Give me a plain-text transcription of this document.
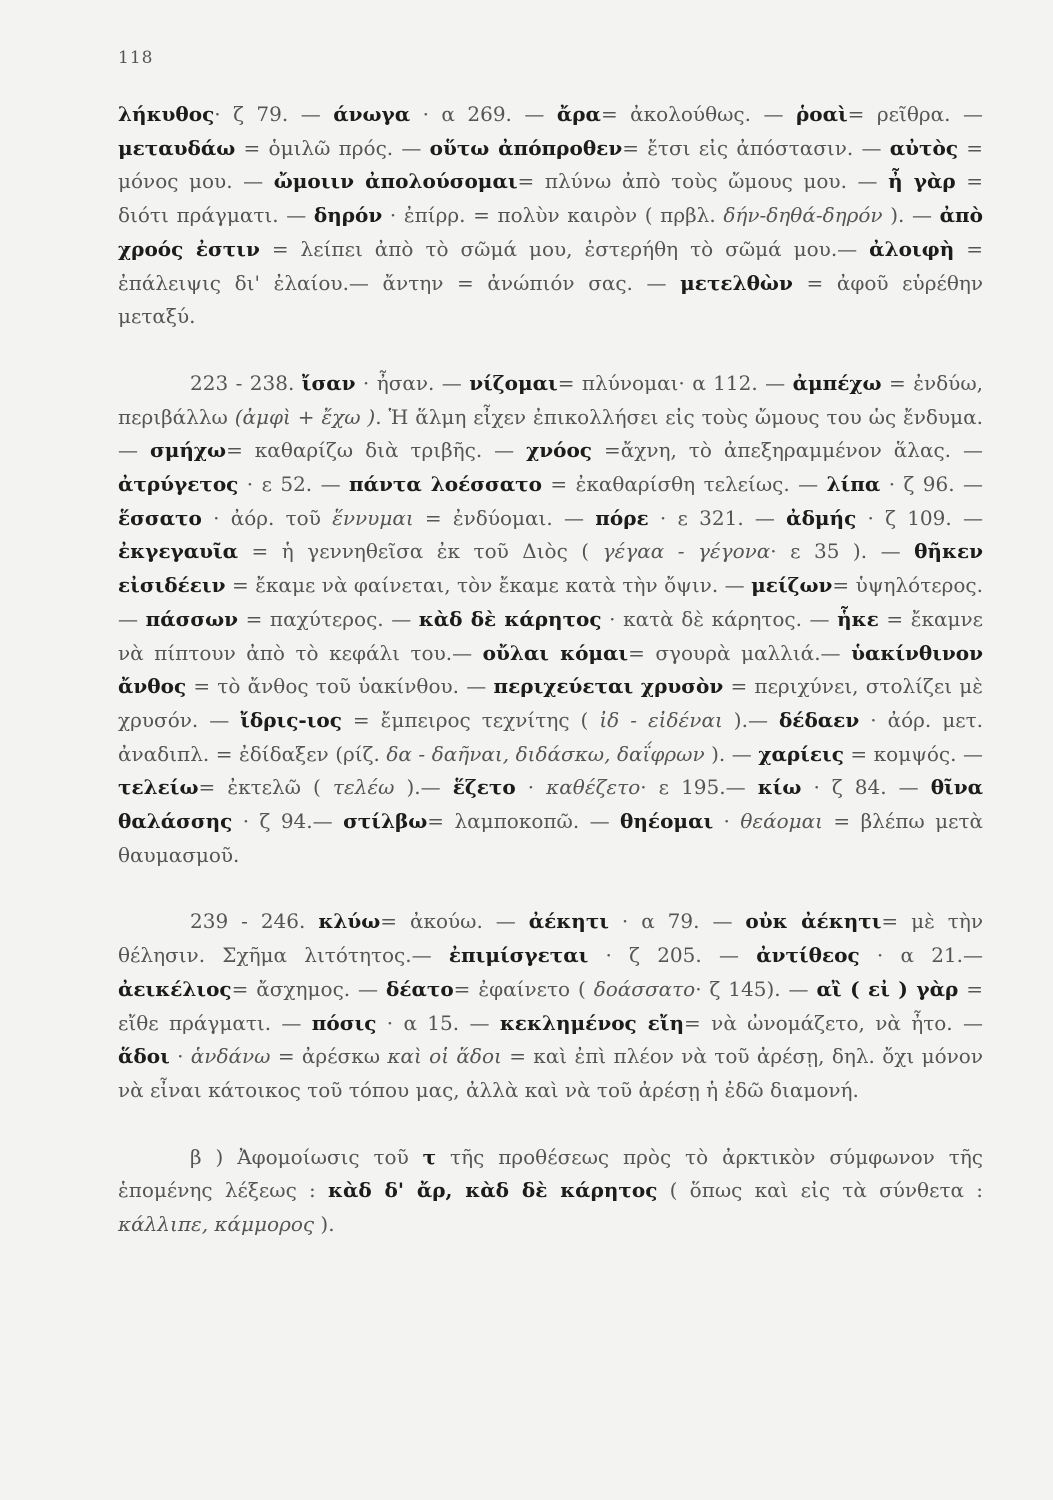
118

λήκυθος· ζ 79. — άνωγα · α 269. — ἄρα= ἀκολούθως. — ῥοαὶ= ρεῖθρα. — μεταυδάω = ὁμιλῶ πρός. — οὕτω ἀπόπροθεν= ἔτσι εἰς ἀπόστασιν. — αὐτὸς = μόνος μου. — ὤμοιιν ἀπολούσομαι= πλύνω ἀπὸ τοὺς ὤμους μου. — ἦ γὰρ = διότι πράγματι. — δηρόν · ἐπίρρ. = πολὺν καιρὸν ( πρβλ. δήν-δηθά-δηρόν ). — ἀπὸ χροός ἐστιν = λείπει ἀπὸ τὸ σῶμά μου, ἐστερήθη τὸ σῶμά μου.— ἀλοιφὴ = ἐπάλειψις δι' ἐλαίου.— ἄντην = ἀνώπιόν σας. — μετελθὼν = ἀφοῦ εὑρέθην μεταξύ.

223 - 238. ἴσαν · ἦσαν. — νίζομαι= πλύνομαι· α 112. — ἀμπέχω = ἐνδύω, περιβάλλω (ἀμφὶ + ἔχω ). Ἡ ἅλμη εἶχεν ἐπικολλήσει εἰς τοὺς ὤμους του ὡς ἔνδυμα. — σμήχω= καθαρίζω διὰ τριβῆς. — χνόος =ἄχνη, τὸ ἀπεξηραμμένον ἅλας. — ἀτρύγετος · ε 52. — πάντα λοέσσατο = ἐκαθαρίσθη τελείως. — λίπα · ζ 96. — ἕσσατο · ἀόρ. τοῦ ἕννυμαι = ἐνδύομαι. — πόρε · ε 321. — ἀδμής · ζ 109. — ἐκγεγαυῖα = ἡ γεννηθεῖσα ἐκ τοῦ Διὸς ( γέγαα - γέγονα· ε 35 ). — θῆκεν εἰσιδέειν = ἔκαμε νὰ φαίνεται, τὸν ἔκαμε κατὰ τὴν ὄψιν. — μείζων= ὑψηλότερος. — πάσσων = παχύτερος. — κὰδ δὲ κάρητος · κατὰ δὲ κάρητος. — ἧκε = ἔκαμνε νὰ πίπτουν ἀπὸ τὸ κεφάλι του.— οὔλαι κόμαι= σγουρὰ μαλλιά.— ὑακίνθινον ἄνθος = τὸ ἄνθος τοῦ ὑακίνθου. — περιχεύεται χρυσὸν = περιχύνει, στολίζει μὲ χρυσόν. — ἴδρις-ιος = ἔμπειρος τεχνίτης ( ἰδ - εἰδέναι ).— δέδαεν · ἀόρ. μετ. ἀναδιπλ. = ἐδίδαξεν (ρίζ. δα - δαῆναι, διδάσκω, δαΐφρων ). — χαρίεις = κομψός. — τελείω= ἐκτελῶ ( τελέω ).— ἕζετο · καθέζετο· ε 195.— κίω · ζ 84. — θῖνα θαλάσσης · ζ 94.— στίλβω= λαμποκοπῶ. — θηέομαι · θεάομαι = βλέπω μετὰ θαυμασμοῦ.

239 - 246. κλύω= ἀκούω. — ἀέκητι · α 79. — οὐκ ἀέκητι= μὲ τὴν θέλησιν. Σχῆμα λιτότητος.— ἐπιμίσγεται · ζ 205. — ἀντίθεος · α 21.— ἀεικέλιος= ἄσχημος. — δέατο= ἐφαίνετο ( δοάσσατο· ζ 145). — αἲ ( εἰ ) γὰρ = εἴθε πράγματι. — πόσις · α 15. — κεκλημένος εἴη= νὰ ὠνομάζετο, νὰ ἦτο. — ἅδοι · ἁνδάνω = ἀρέσκω καὶ οἱ ἅδοι = καὶ ἐπὶ πλέον νὰ τοῦ ἀρέσῃ, δηλ. ὄχι μόνον νὰ εἶναι κάτοικος τοῦ τόπου μας, ἀλλὰ καὶ νὰ τοῦ ἀρέσῃ ἡ ἐδῶ διαμονή.

β ) Ἀφομοίωσις τοῦ τ τῆς προθέσεως πρὸς τὸ ἀρκτικὸν σύμφωνον τῆς ἑπομένης λέξεως : κὰδ δ' ἄρ, κὰδ δὲ κάρητος ( ὅπως καὶ εἰς τὰ σύνθετα : κάλλιπε, κάμμορος ).
